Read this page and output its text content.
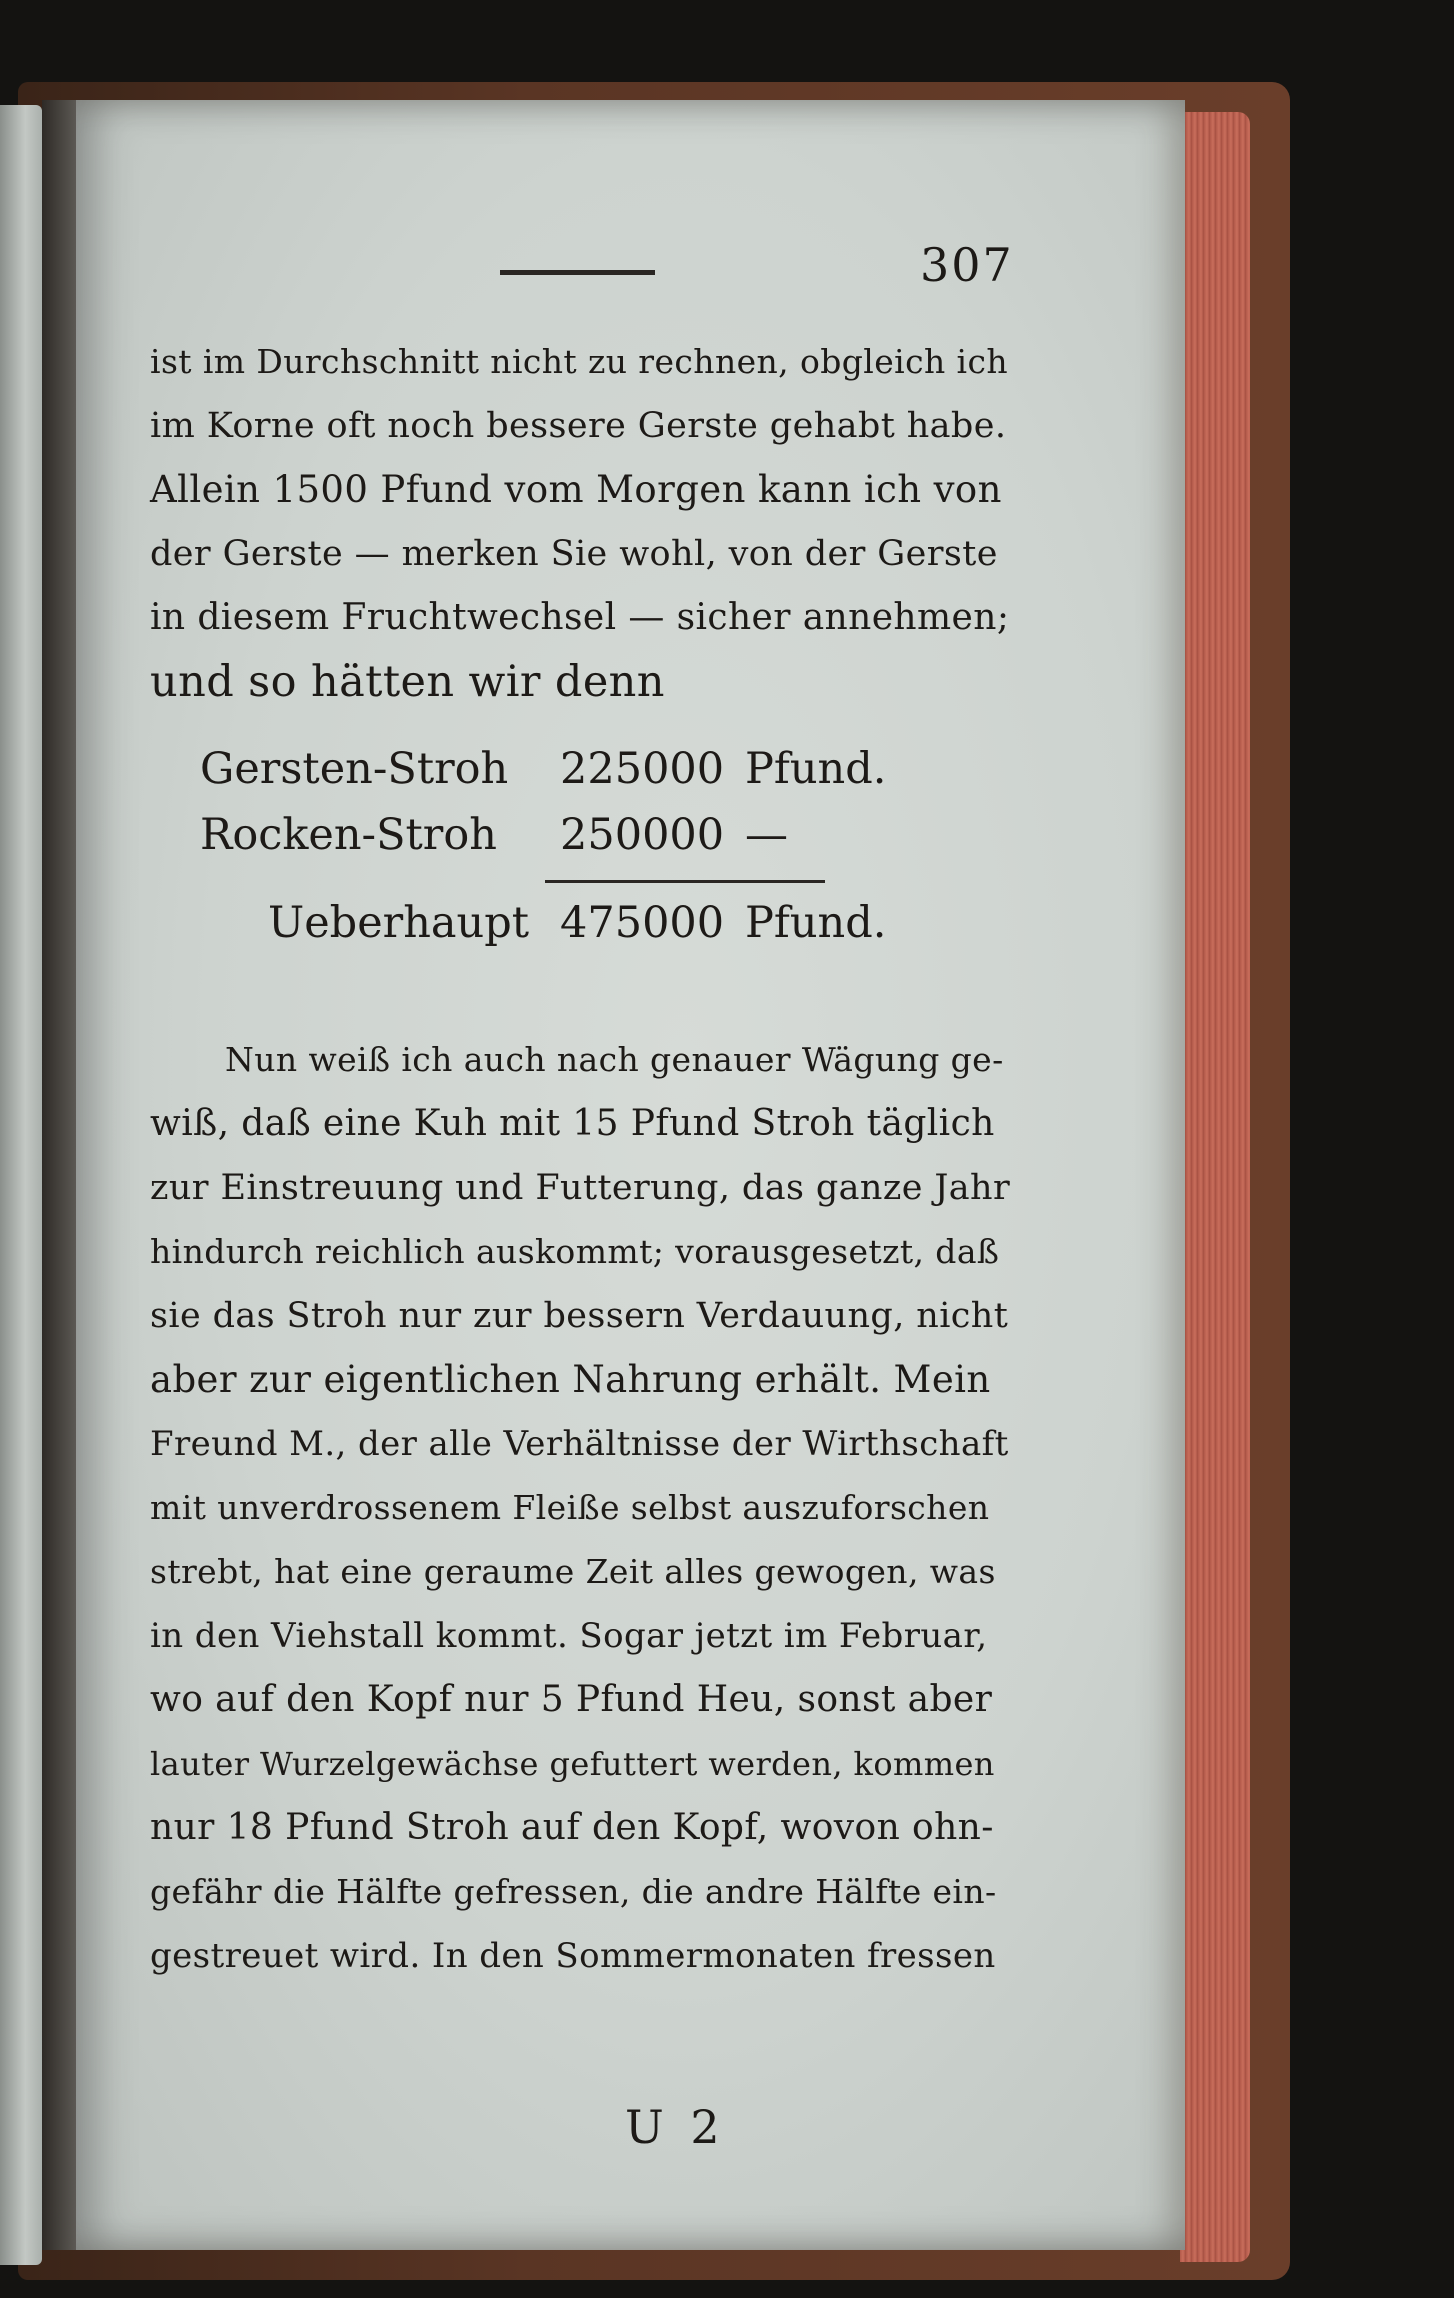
307

ist im Durchschnitt nicht zu rechnen, obgleich ich

im Korne oft noch bessere Gerste gehabt habe.

Allein 1500 Pfund vom Morgen kann ich von

der Gerste — merken Sie wohl, von der Gerste

in diesem Fruchtwechsel — sicher annehmen;

und so hätten wir denn

Gersten-Stroh 225000 Pfund.

Rocken-Stroh 250000 —

Ueberhaupt 475000 Pfund.

Nun weiß ich auch nach genauer Wägung ge-

wiß, daß eine Kuh mit 15 Pfund Stroh täglich

zur Einstreuung und Futterung, das ganze Jahr

hindurch reichlich auskommt; vorausgesetzt, daß

sie das Stroh nur zur bessern Verdauung, nicht

aber zur eigentlichen Nahrung erhält. Mein

Freund M., der alle Verhältnisse der Wirthschaft

mit unverdrossenem Fleiße selbst auszuforschen

strebt, hat eine geraume Zeit alles gewogen, was

in den Viehstall kommt. Sogar jetzt im Februar,

wo auf den Kopf nur 5 Pfund Heu, sonst aber

lauter Wurzelgewächse gefuttert werden, kommen

nur 18 Pfund Stroh auf den Kopf, wovon ohn-

gefähr die Hälfte gefressen, die andre Hälfte ein-

gestreuet wird. In den Sommermonaten fressen

U 2
